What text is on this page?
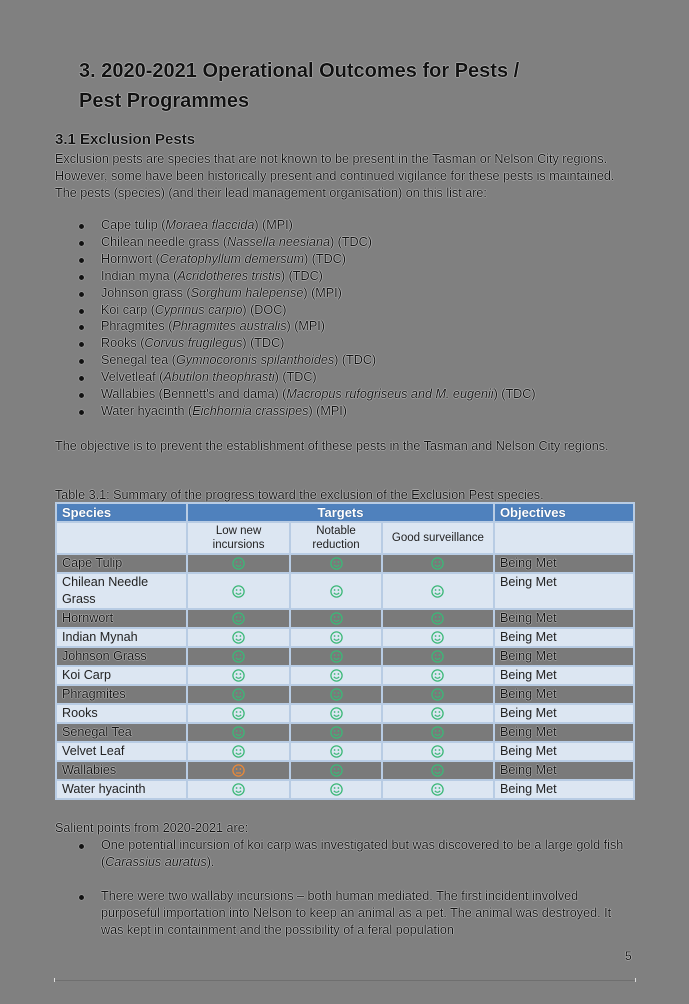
3. 2020-2021 Operational Outcomes for Pests /
Pest Programmes
3.1 Exclusion Pests

Exclusion pests are species that are not known to be present in the Tasman or Nelson City regions. However, some have been historically present and continued vigilance for these pests is maintained. The pests (species) (and their lead management organisation) on this list are:

Cape tulip (Moraea flaccida) (MPI)
Chilean needle grass (Nassella neesiana) (TDC)
Hornwort (Ceratophyllum demersum) (TDC)
Indian myna (Acridotheres tristis) (TDC)
Johnson grass (Sorghum halepense) (MPI)
Koi carp (Cyprinus carpio) (DOC)
Phragmites (Phragmites australis) (MPI)
Rooks (Corvus frugilegus) (TDC)
Senegal tea (Gymnocoronis spilanthoides) (TDC)
Velvetleaf (Abutilon theophrasti) (TDC)
Wallabies (Bennett's and dama) (Macropus rufogriseus and M. eugenii) (TDC)
Water hyacinth (Eichhornia crassipes) (MPI)

The objective is to prevent the establishment of these pests in the Tasman and Nelson City regions.

Table 3.1: Summary of the progress toward the exclusion of the Exclusion Pest species.
Species	Targets			Objectives
	Low new incursions	Notable reduction	Good surveillance	
Cape Tulip				Being Met
Chilean Needle Grass				Being Met
Hornwort				Being Met
Indian Mynah				Being Met
Johnson Grass				Being Met
Koi Carp				Being Met
Phragmites				Being Met
Rooks				Being Met
Senegal Tea				Being Met
Velvet Leaf				Being Met
Wallabies				Being Met
Water hyacinth				Being Met
Salient points from 2020-2021 are:
One potential incursion of koi carp was investigated but was discovered to be a large gold fish (Carassius auratus).
There were two wallaby incursions – both human mediated. The first incident involved purposeful importation into Nelson to keep an animal as a pet. The animal was destroyed. It was kept in containment and the possibility of a feral population
5
